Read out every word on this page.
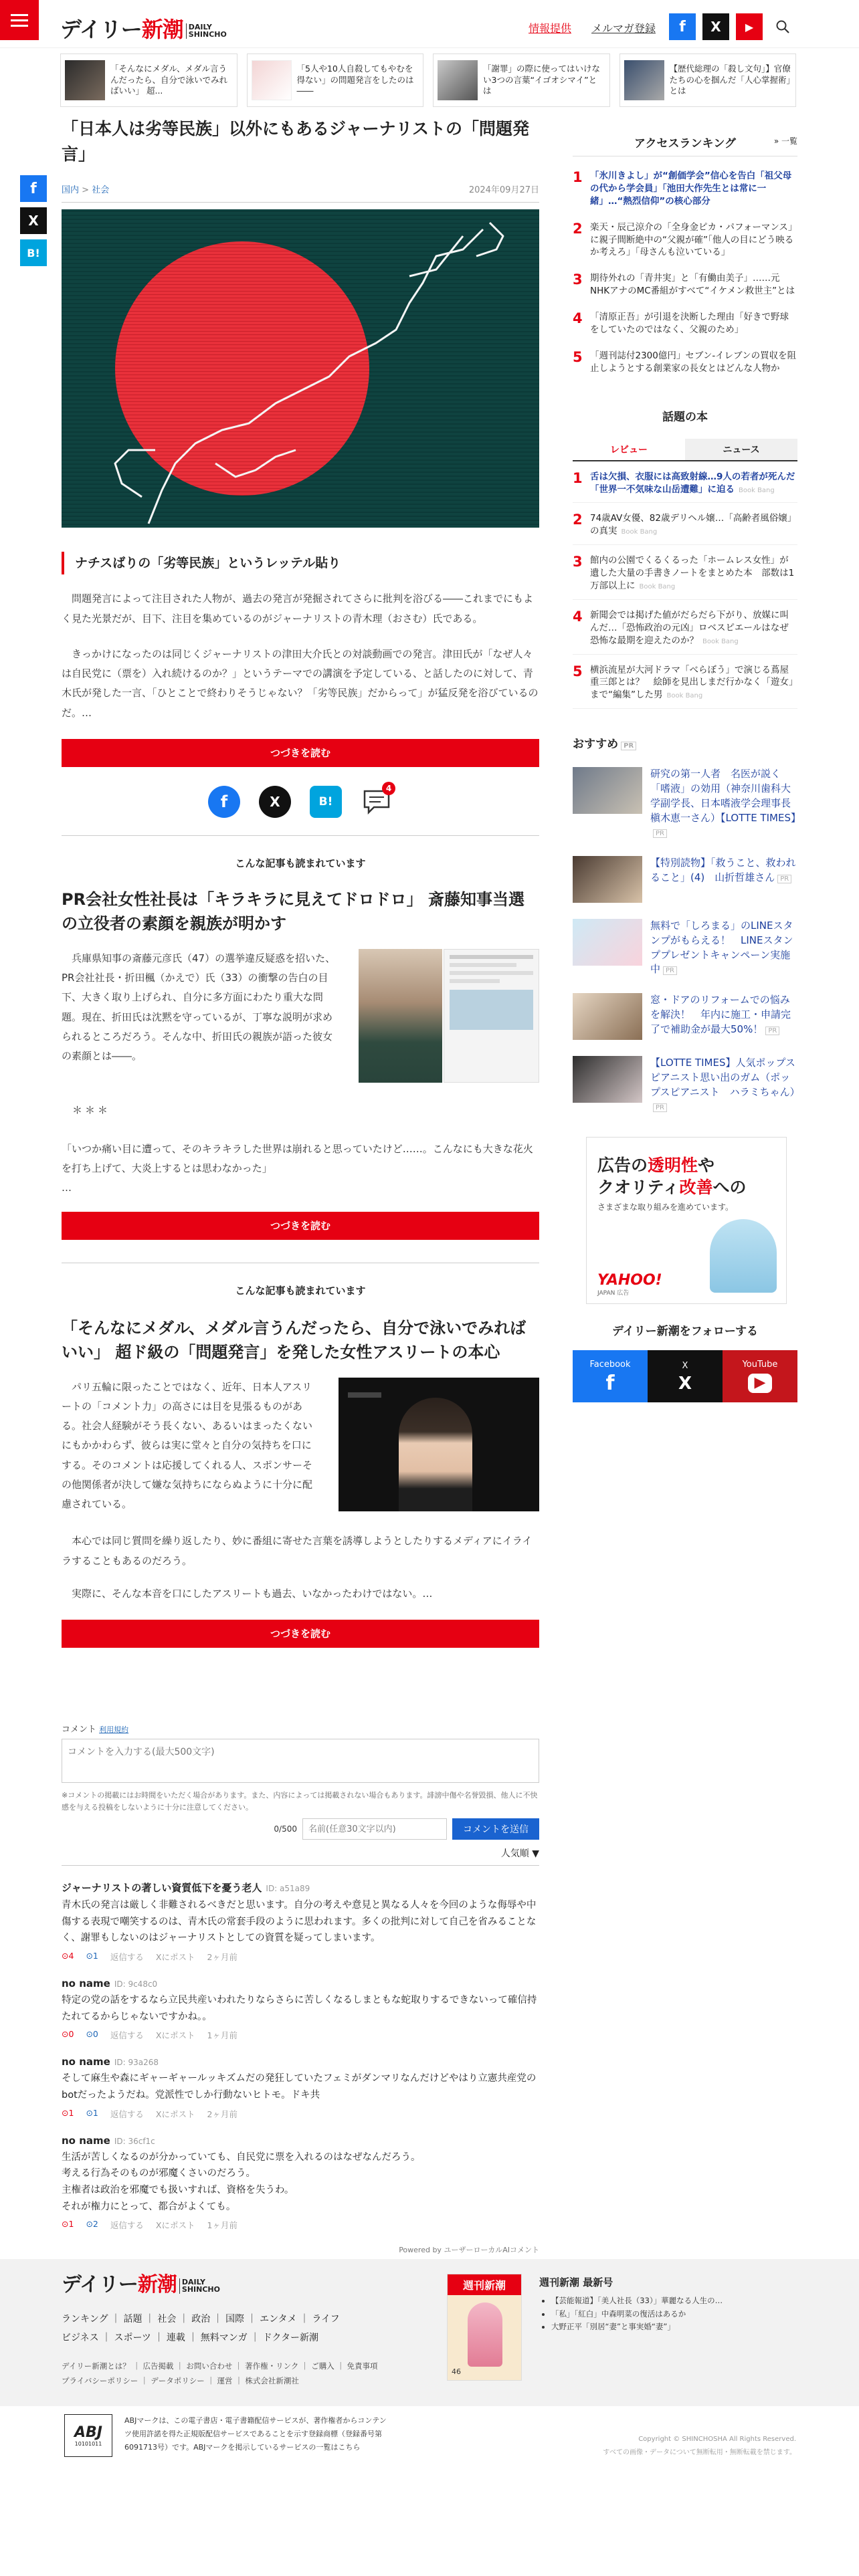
デイリー新潮 DAILY
SHINCHO	情報提供 メルマガ登録 f X ▶
「そんなにメダル、メダル言うんだったら、自分で泳いでみればいい」 超...
「5人や10人自殺してもやむを得ない」の問題発言をしたのは――
「謝罪」の際に使ってはいけない3つの言葉“イゴオシマイ”とは
【歴代総理の「殺し文句」】官僚たちの心を掴んだ「人心掌握術」とは
f
X
B!
「日本人は劣等民族」以外にもあるジャーナリストの「問題発言」
国内 > 社会	2024年09月27日
ナチスばりの「劣等民族」というレッテル貼り

問題発言によって注目された人物が、過去の発言が発掘されてさらに批判を浴びる――これまでにもよく見た光景だが、目下、注目を集めているのがジャーナリストの青木理（おさむ）氏である。

きっかけになったのは同じくジャーナリストの津田大介氏との対談動画での発言。津田氏が「なぜ人々は自民党に（票を）入れ続けるのか？」というテーマでの講演を予定している、と話したのに対して、青木氏が発した一言、「ひとことで終わりそうじゃない？「劣等民族」だからって」が猛反発を浴びているのだ。…

つづきを読む
f	X	B!
4
こんな記事も読まれています
PR会社女性社長は「キラキラに見えてドロドロ」 斎藤知事当選の立役者の素顔を親族が明かす

兵庫県知事の斎藤元彦氏（47）の選挙違反疑惑を招いた、PR会社社長・折田楓（かえで）氏（33）の衝撃の告白の目下、大きく取り上げられ、自分に多方面にわたり重大な問題。現在、折田氏は沈黙を守っているが、丁寧な説明が求められるところだろう。そんな中、折田氏の親族が語った彼女の素顔とは――。

＊＊＊

「いつか痛い目に遭って、そのキラキラした世界は崩れると思っていたけど……。こんなにも大きな花火を打ち上げて、大炎上するとは思わなかった」

…

つづきを読む
こんな記事も読まれています
「そんなにメダル、メダル言うんだったら、自分で泳いでみればいい」 超ド級の「問題発言」を発した女性アスリートの本心

パリ五輪に限ったことではなく、近年、日本人アスリートの「コメント力」の高さには目を見張るものがある。社会人経験がそう長くない、あるいはまったくないにもかかわらず、彼らは実に堂々と自分の気持ちを口にする。そのコメントは応援してくれる人、スポンサーその他関係者が決して嫌な気持ちにならぬように十分に配慮されている。

本心では同じ質問を繰り返したり、妙に番組に寄せた言葉を誘導しようとしたりするメディアにイライラすることもあるのだろう。

実際に、そんな本音を口にしたアスリートも過去、いなかったわけではない。…

つづきを読む
コメント 利用規約
コメントを入力する(最大500文字)

※コメントの掲載にはお時間をいただく場合があります。また、内容によっては掲載されない場合もあります。誹謗中傷や名誉毀損、他人に不快感を与える投稿をしないように十分に注意してください。

0/500
名前(任意30文字以内)	コメントを送信
人気順 ▼
ジャーナリストの著しい資質低下を憂う老人 ID: a51a89
青木氏の発言は厳しく非難されるべきだと思います。自分の考えや意見と異なる人々を今回のような侮辱や中傷する表現で嘲笑するのは、青木氏の常套手段のように思われます。多くの批判に対して自己を省みることなく、謝罪もしないのはジャーナリストとしての資質を疑ってしまいます。
⊙4 ⊙1 返信する Xにポスト 2ヶ月前
no name ID: 9c48c0
特定の党の話をするなら立民共産いわれたりならさらに苦しくなるしまともな蛇取りするできないって確信持たれてるからじゃないですかね。。
⊙0 ⊙0 返信する Xにポスト 1ヶ月前
no name ID: 93a268
そして麻生や森にギャーギャールッキズムだの発狂していたフェミがダンマリなんだけどやはり立憲共産党のbotだったようだね。党派性でしか行動ないヒトモ。ドキ共
⊙1 ⊙1 返信する Xにポスト 2ヶ月前
no name ID: 36cf1c
生活が苦しくなるのが分かっていても、自民党に票を入れるのはなぜなんだろう。
考える行為そのものが邪魔くさいのだろう。
主権者は政治を邪魔でも扱いすれば、資格を失うわ。
それが権力にとって、都合がよくても。
⊙1 ⊙2 返信する Xにポスト 1ヶ月前

Powered by ユーザーローカルAIコメント

アクセスランキング	» 一覧
1 「氷川きよし」が“創価学会”信心を告白「祖父母の代から学会員」「池田大作先生とは常に一緒」…“熱烈信仰”の核心部分
2 楽天・辰己涼介の「全身金ピカ・パフォーマンス」に親子間断絶中の“父親が確”「他人の目にどう映るか考えろ」「母さんも泣いている」
3 期待外れの「青井実」と「有働由美子」……元NHKアナのMC番組がすべて“イケメン救世主”とは
4 「清原正吾」が引退を決断した理由「好きで野球をしていたのではなく、父親のため」
5 「週刊誌付2300億円」セブン-イレブンの買収を阻止しようとする創業家の長女とはどんな人物か
話題の本
レビュー	ニュース
1 舌は欠損、衣服には高致射線…9人の若者が死んだ「世界一不気味な山岳遭難」に迫る Book Bang
2 74歳AV女優、82歳デリヘル嬢…「高齢者風俗嬢」の真実 Book Bang
3 館内の公園でくるくるった「ホームレス女性」が遺した大量の手書きノートをまとめた本　部数は1万部以上に Book Bang
4 新聞会では掲げた値がだらだら下がり、放媒に叫んだ…「恐怖政治の元凶」ロベスピエールはなぜ恐怖な最期を迎えたのか？ Book Bang
5 横浜流星が大河ドラマ「べらぼう」で演じる蔦屋重三郎とは？　絵師を見出しまだ行かなく「遊女」まで“編集”した男 Book Bang
おすすめ PR
研究の第一人者　名医が説く「嗜液」の効用（神奈川歯科大学副学長、日本嗜液学会理事長　槇木恵一さん）【LOTTE TIMES】PR
【特別読物】「救うこと、救われること」(4)　山折哲雄さん PR
無料で「しろまる」のLINEスタンプがもらえる！　LINEスタンププレゼントキャンペーン実施中 PR
窓・ドアのリフォームでの悩みを解決！　年内に施工・申請完了で補助金が最大50%！ PR
【LOTTE TIMES】人気ポップスピアニスト思い出のガム（ポップスピアニスト　ハラミちゃん）PR
広告の透明性や
クオリティ改善への
さまざまな取り組みを進めています。
YAHOO!
JAPAN 広告
デイリー新潮をフォローする
Facebook
f
X
X
YouTube
▶
デイリー新潮 DAILY
SHINCHO
ランキング ｜ 話題 ｜ 社会 ｜ 政治 ｜ 国際 ｜ エンタメ ｜ ライフ
ビジネス ｜ スポーツ ｜ 連載 ｜ 無料マンガ ｜ ドクター新潮
デイリー新潮とは？ ｜ 広告掲載 ｜ お問い合わせ ｜ 著作権・リンク ｜ ご購入 ｜ 免責事項
プライバシーポリシー ｜ データポリシー ｜ 運営 ｜ 株式会社新潮社
週刊新潮
46
週刊新潮 最新号
• 【芸能報道】「美人社長（33）」華麗なる人生の…
• 「私」「紅白」中森明菜の復活はあるか
• 大野正平「別居“妻”と事実婚“妻”」
ABJ
10101011

ABJマークは、この電子書店・電子書籍配信サービスが、著作権者からコンテンツ使用許諾を得た正規版配信サービスであることを示す登録商標（登録番号第6091713号）です。ABJマークを掲示しているサービスの一覧はこちら

Copyright © SHINCHOSHA All Rights Reserved.

すべての画像・データについて無断転用・無断転載を禁じます。
